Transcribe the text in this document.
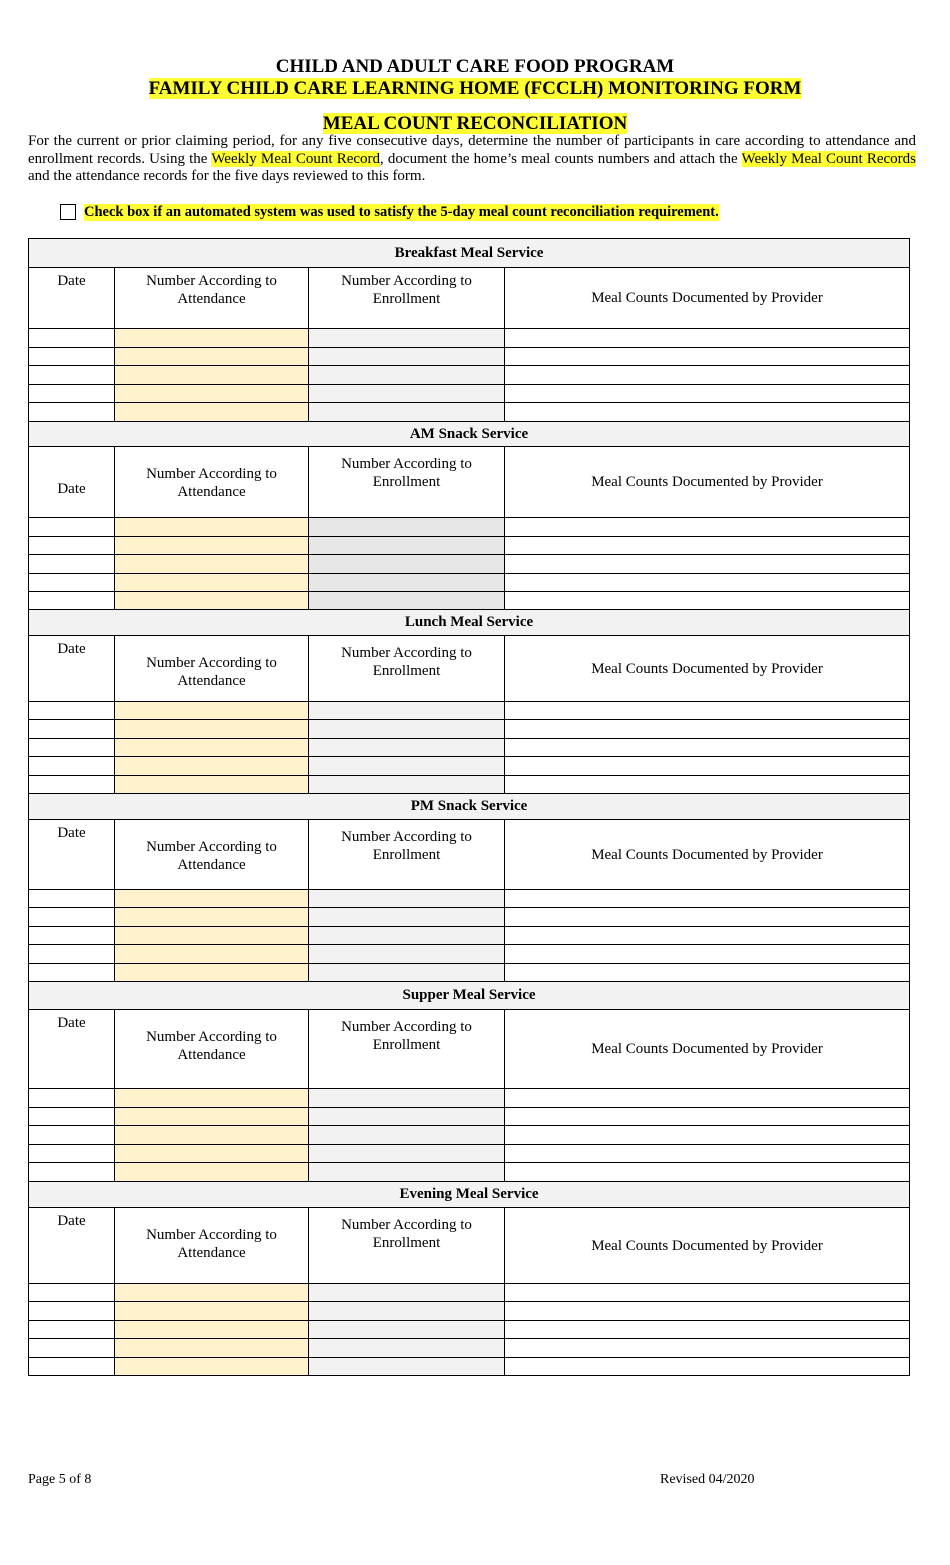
CHILD AND ADULT CARE FOOD PROGRAM
FAMILY CHILD CARE LEARNING HOME (FCCLH) MONITORING FORM
MEAL COUNT RECONCILIATION
For the current or prior claiming period, for any five consecutive days, determine the number of participants in care according to attendance and enrollment records. Using the Weekly Meal Count Record, document the home’s meal counts numbers and attach the Weekly Meal Count Records and the attendance records for the five days reviewed to this form.
Check box if an automated system was used to satisfy the 5-day meal count reconciliation requirement.
Breakfast Meal Service			
Date	Number According to Attendance	Number According to Enrollment	Meal Counts Documented by Provider

AM Snack Service			
Date	Number According to Attendance	Number According to Enrollment	Meal Counts Documented by Provider

Lunch Meal Service			
Date	Number According to Attendance	Number According to Enrollment	Meal Counts Documented by Provider

PM Snack Service			
Date	Number According to Attendance	Number According to Enrollment	Meal Counts Documented by Provider

Supper Meal Service			
Date	Number According to Attendance	Number According to Enrollment	Meal Counts Documented by Provider

Evening Meal Service			
Date	Number According to Attendance	Number According to Enrollment	Meal Counts Documented by Provider

Page 5 of 8	Revised 04/2020
